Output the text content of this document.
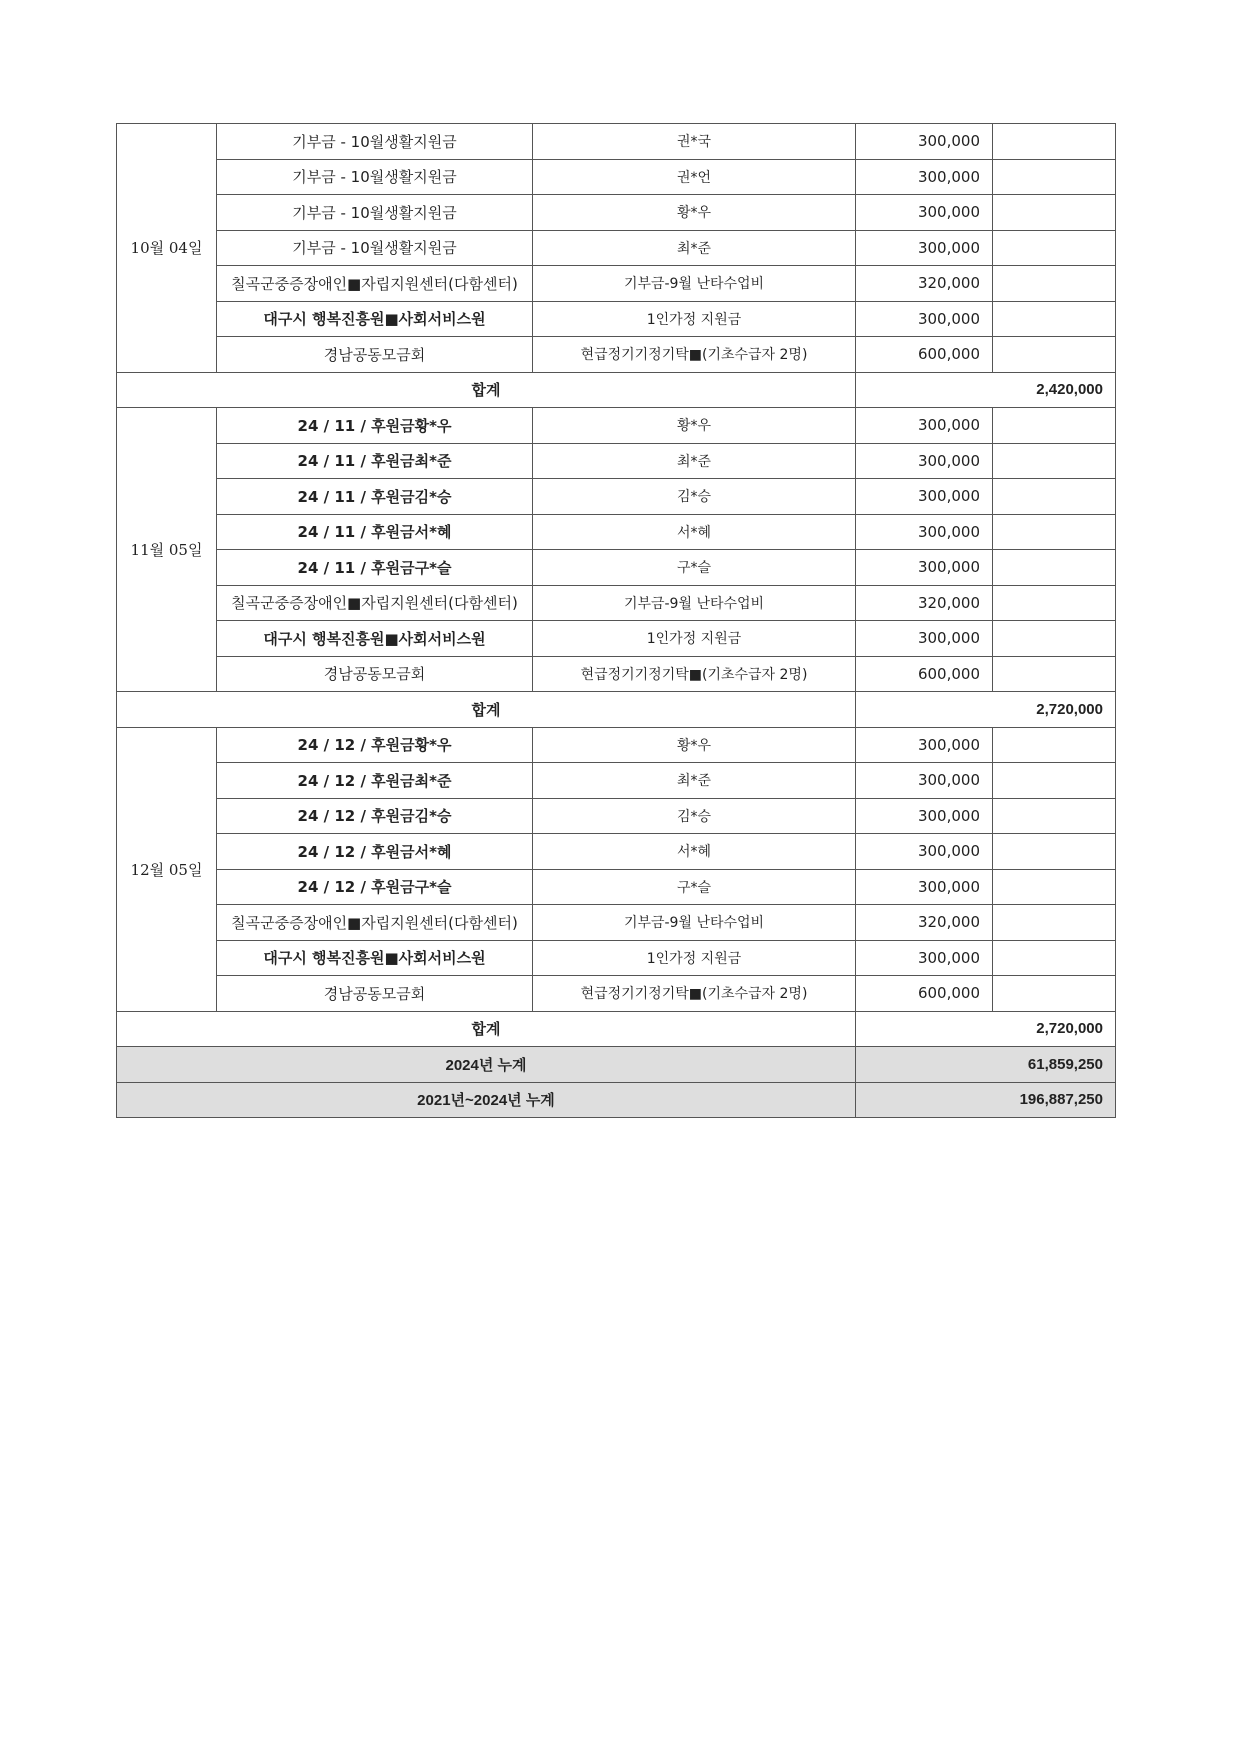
10월 04일	기부금 - 10월생활지원금	권*국	300,000	
	기부금 - 10월생활지원금	권*언	300,000	
	기부금 - 10월생활지원금	황*우	300,000	
	기부금 - 10월생활지원금	최*준	300,000	
	칠곡군중증장애인■자립지원센터(다함센터)	기부금-9월 난타수업비	320,000	
	대구시 행복진흥원■사회서비스원	1인가정 지원금	300,000	
	경남공동모금회	현급정기기정기탁■(기초수급자 2명)	600,000	
합계			2,420,000	
11월 05일	24 / 11 / 후원금황*우	황*우	300,000	
	24 / 11 / 후원금최*준	최*준	300,000	
	24 / 11 / 후원금김*승	김*승	300,000	
	24 / 11 / 후원금서*혜	서*혜	300,000	
	24 / 11 / 후원금구*슬	구*슬	300,000	
	칠곡군중증장애인■자립지원센터(다함센터)	기부금-9월 난타수업비	320,000	
	대구시 행복진흥원■사회서비스원	1인가정 지원금	300,000	
	경남공동모금회	현급정기기정기탁■(기초수급자 2명)	600,000	
합계			2,720,000	
12월 05일	24 / 12 / 후원금황*우	황*우	300,000	
	24 / 12 / 후원금최*준	최*준	300,000	
	24 / 12 / 후원금김*승	김*승	300,000	
	24 / 12 / 후원금서*혜	서*혜	300,000	
	24 / 12 / 후원금구*슬	구*슬	300,000	
	칠곡군중증장애인■자립지원센터(다함센터)	기부금-9월 난타수업비	320,000	
	대구시 행복진흥원■사회서비스원	1인가정 지원금	300,000	
	경남공동모금회	현급정기기정기탁■(기초수급자 2명)	600,000	
합계			2,720,000	
2024년 누계			61,859,250	
2021년~2024년 누계			196,887,250	
